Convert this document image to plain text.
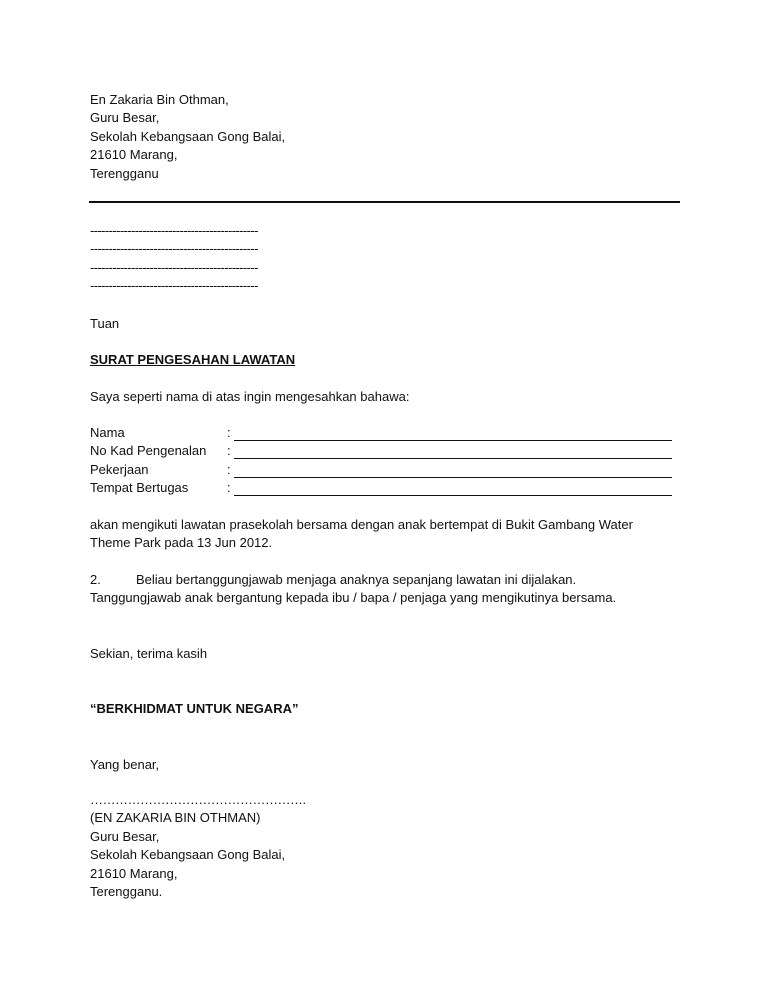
En Zakaria Bin Othman,
Guru Besar,
Sekolah Kebangsaan Gong Balai,
21610 Marang,
Terengganu
---------------------------------------------
---------------------------------------------
---------------------------------------------
---------------------------------------------
Tuan
SURAT PENGESAHAN LAWATAN
Saya seperti nama di atas ingin mengesahkan bahawa:
Nama	:
No Kad Pengenalan :
Pekerjaan	:
Tempat Bertugas	:
akan mengikuti lawatan prasekolah bersama dengan anak bertempat di Bukit Gambang Water
Theme Park pada 13 Jun 2012.
2.	Beliau bertanggungjawab menjaga anaknya sepanjang lawatan ini dijalakan.
Tanggungjawab anak bergantung kepada ibu / bapa / penjaga yang mengikutinya bersama.
Sekian, terima kasih
“BERKHIDMAT UNTUK NEGARA”
Yang benar,
…………………………………………….
(EN ZAKARIA BIN OTHMAN)
Guru Besar,
Sekolah Kebangsaan Gong Balai,
21610 Marang,
Terengganu.
